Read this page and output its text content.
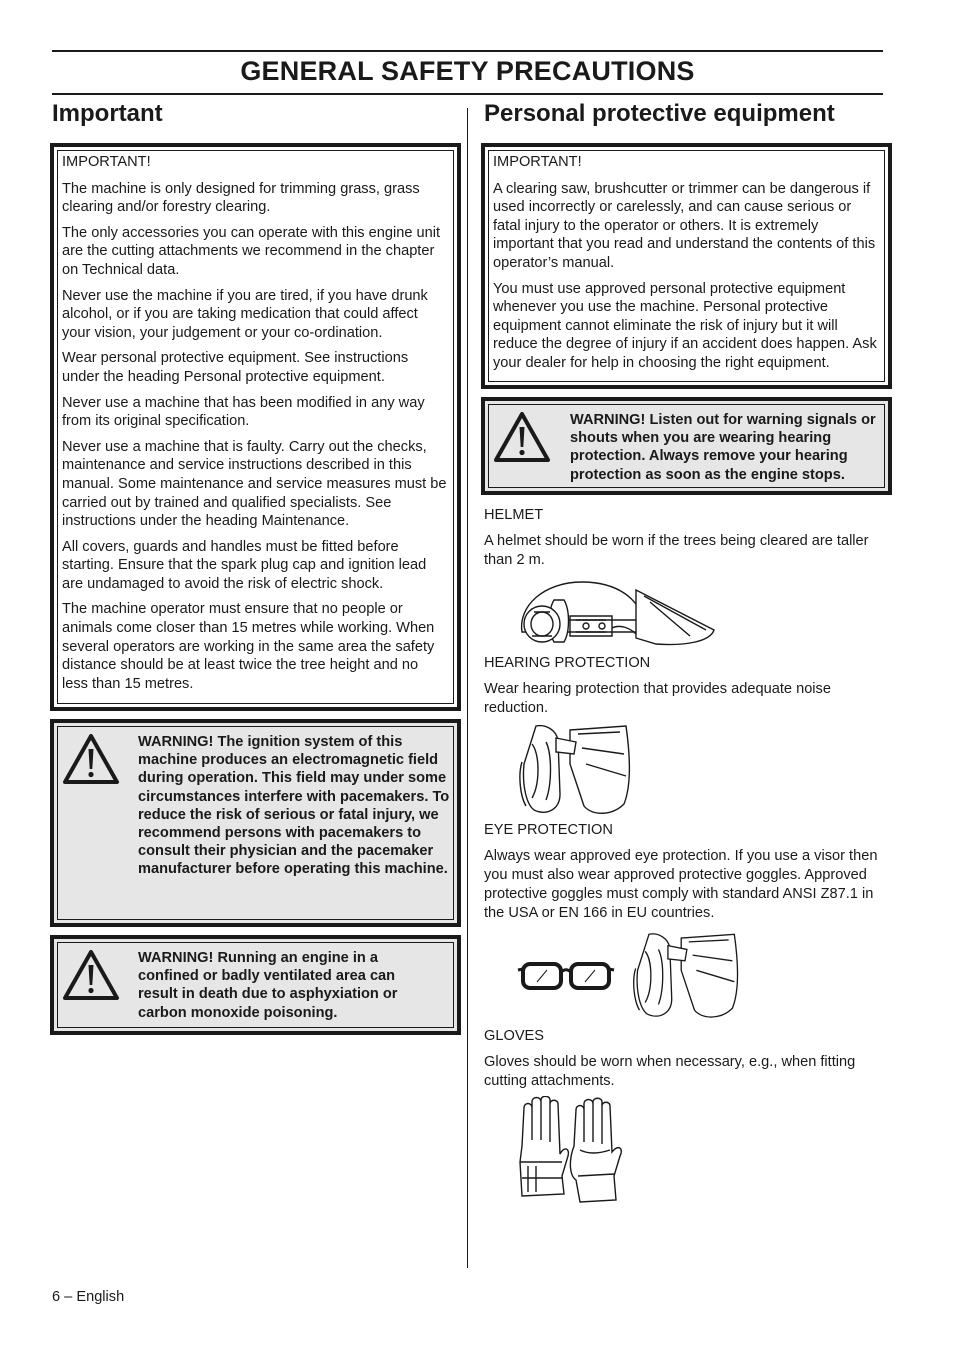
GENERAL SAFETY PRECAUTIONS
Important

IMPORTANT!

The machine is only designed for trimming grass, grass clearing and/or forestry clearing.

The only accessories you can operate with this engine unit are the cutting attachments we recommend in the chapter on Technical data.

Never use the machine if you are tired, if you have drunk alcohol, or if you are taking medication that could affect your vision, your judgement or your co-ordination.

Wear personal protective equipment. See instructions under the heading Personal protective equipment.

Never use a machine that has been modified in any way from its original specification.

Never use a machine that is faulty. Carry out the checks, maintenance and service instructions described in this manual. Some maintenance and service measures must be carried out by trained and qualified specialists. See instructions under the heading Maintenance.

All covers, guards and handles must be fitted before starting. Ensure that the spark plug cap and ignition lead are undamaged to avoid the risk of electric shock.

The machine operator must ensure that no people or animals come closer than 15 metres while working. When several operators are working in the same area the safety distance should be at least twice the tree height and no less than 15 metres.

WARNING! The ignition system of this machine produces an electromagnetic field during operation. This field may under some circumstances interfere with pacemakers. To reduce the risk of serious or fatal injury, we recommend persons with pacemakers to consult their physician and the pacemaker manufacturer before operating this machine.

WARNING! Running an engine in a confined or badly ventilated area can result in death due to asphyxiation or carbon monoxide poisoning.

Personal protective equipment

IMPORTANT!

A clearing saw, brushcutter or trimmer can be dangerous if used incorrectly or carelessly, and can cause serious or fatal injury to the operator or others. It is extremely important that you read and understand the contents of this operator’s manual.

You must use approved personal protective equipment whenever you use the machine. Personal protective equipment cannot eliminate the risk of injury but it will reduce the degree of injury if an accident does happen. Ask your dealer for help in choosing the right equipment.

WARNING! Listen out for warning signals or shouts when you are wearing hearing protection. Always remove your hearing protection as soon as the engine stops.

HELMET

A helmet should be worn if the trees being cleared are taller than 2 m.

HEARING PROTECTION

Wear hearing protection that provides adequate noise reduction.

EYE PROTECTION

Always wear approved eye protection. If you use a visor then you must also wear approved protective goggles. Approved protective goggles must comply with standard ANSI Z87.1 in the USA or EN 166 in EU countries.

GLOVES

Gloves should be worn when necessary, e.g., when fitting cutting attachments.

6 – English
